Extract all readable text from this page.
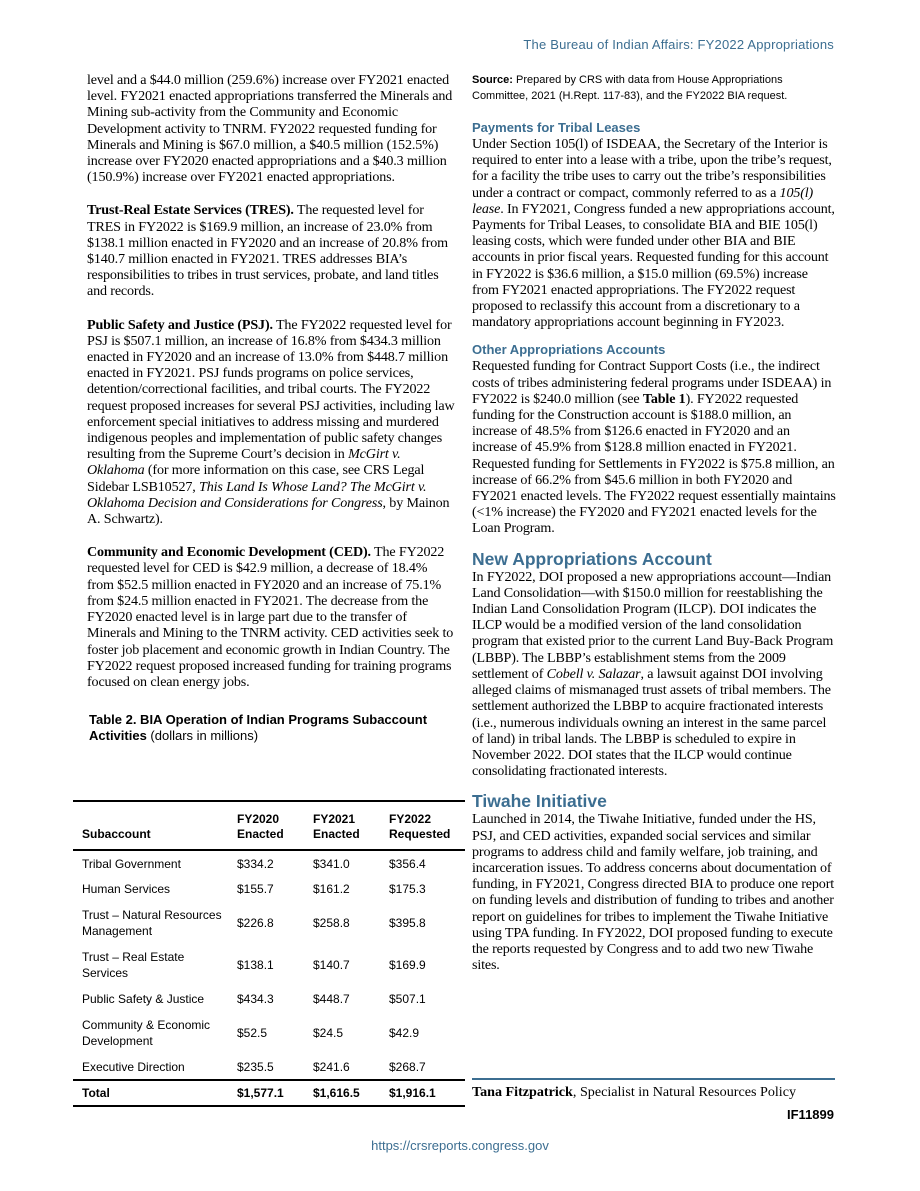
The Bureau of Indian Affairs: FY2022 Appropriations

level and a $44.0 million (259.6%) increase over FY2021 enacted level. FY2021 enacted appropriations transferred the Minerals and Mining sub-activity from the Community and Economic Development activity to TNRM. FY2022 requested funding for Minerals and Mining is $67.0 million, a $40.5 million (152.5%) increase over FY2020 enacted appropriations and a $40.3 million (150.9%) increase over FY2021 enacted appropriations.

Trust-Real Estate Services (TRES). The requested level for TRES in FY2022 is $169.9 million, an increase of 23.0% from $138.1 million enacted in FY2020 and an increase of 20.8% from $140.7 million enacted in FY2021. TRES addresses BIA’s responsibilities to tribes in trust services, probate, and land titles and records.

Public Safety and Justice (PSJ). The FY2022 requested level for PSJ is $507.1 million, an increase of 16.8% from $434.3 million enacted in FY2020 and an increase of 13.0% from $448.7 million enacted in FY2021. PSJ funds programs on police services, detention/correctional facilities, and tribal courts. The FY2022 request proposed increases for several PSJ activities, including law enforcement special initiatives to address missing and murdered indigenous peoples and implementation of public safety changes resulting from the Supreme Court’s decision in McGirt v. Oklahoma (for more information on this case, see CRS Legal Sidebar LSB10527, This Land Is Whose Land? The McGirt v. Oklahoma Decision and Considerations for Congress, by Mainon A. Schwartz).

Community and Economic Development (CED). The FY2022 requested level for CED is $42.9 million, a decrease of 18.4% from $52.5 million enacted in FY2020 and an increase of 75.1% from $24.5 million enacted in FY2021. The decrease from the FY2020 enacted level is in large part due to the transfer of Minerals and Mining to the TNRM activity. CED activities seek to foster job placement and economic growth in Indian Country. The FY2022 request proposed increased funding for training programs focused on clean energy jobs.

Table 2. BIA Operation of Indian Programs Subaccount Activities (dollars in millions)
Subaccount	FY2020 Enacted	FY2021 Enacted	FY2022 Requested
Tribal Government	$334.2	$341.0	$356.4
Human Services	$155.7	$161.2	$175.3
Trust – Natural Resources Management	$226.8	$258.8	$395.8
Trust – Real Estate Services	$138.1	$140.7	$169.9
Public Safety & Justice	$434.3	$448.7	$507.1
Community & Economic Development	$52.5	$24.5	$42.9
Executive Direction	$235.5	$241.6	$268.7
Total	$1,577.1	$1,616.5	$1,916.1

Source: Prepared by CRS with data from House Appropriations Committee, 2021 (H.Rept. 117-83), and the FY2022 BIA request.

Payments for Tribal Leases

Under Section 105(l) of ISDEAA, the Secretary of the Interior is required to enter into a lease with a tribe, upon the tribe’s request, for a facility the tribe uses to carry out the tribe’s responsibilities under a contract or compact, commonly referred to as a 105(l) lease. In FY2021, Congress funded a new appropriations account, Payments for Tribal Leases, to consolidate BIA and BIE 105(l) leasing costs, which were funded under other BIA and BIE accounts in prior fiscal years. Requested funding for this account in FY2022 is $36.6 million, a $15.0 million (69.5%) increase from FY2021 enacted appropriations. The FY2022 request proposed to reclassify this account from a discretionary to a mandatory appropriations account beginning in FY2023.

Other Appropriations Accounts

Requested funding for Contract Support Costs (i.e., the indirect costs of tribes administering federal programs under ISDEAA) in FY2022 is $240.0 million (see Table 1). FY2022 requested funding for the Construction account is $188.0 million, an increase of 48.5% from $126.6 enacted in FY2020 and an increase of 45.9% from $128.8 million enacted in FY2021. Requested funding for Settlements in FY2022 is $75.8 million, an increase of 66.2% from $45.6 million in both FY2020 and FY2021 enacted levels. The FY2022 request essentially maintains (<1% increase) the FY2020 and FY2021 enacted levels for the Loan Program.

New Appropriations Account

In FY2022, DOI proposed a new appropriations account—Indian Land Consolidation—with $150.0 million for reestablishing the Indian Land Consolidation Program (ILCP). DOI indicates the ILCP would be a modified version of the land consolidation program that existed prior to the current Land Buy-Back Program (LBBP). The LBBP’s establishment stems from the 2009 settlement of Cobell v. Salazar, a lawsuit against DOI involving alleged claims of mismanaged trust assets of tribal members. The settlement authorized the LBBP to acquire fractionated interests (i.e., numerous individuals owning an interest in the same parcel of land) in tribal lands. The LBBP is scheduled to expire in November 2022. DOI states that the ILCP would continue consolidating fractionated interests.

Tiwahe Initiative

Launched in 2014, the Tiwahe Initiative, funded under the HS, PSJ, and CED activities, expanded social services and similar programs to address child and family welfare, job training, and incarceration issues. To address concerns about documentation of funding, in FY2021, Congress directed BIA to produce one report on funding levels and distribution of funding to tribes and another report on guidelines for tribes to implement the Tiwahe Initiative using TPA funding. In FY2022, DOI proposed funding to execute the reports requested by Congress and to add two new Tiwahe sites.

Tana Fitzpatrick, Specialist in Natural Resources Policy
IF11899
https://crsreports.congress.gov
